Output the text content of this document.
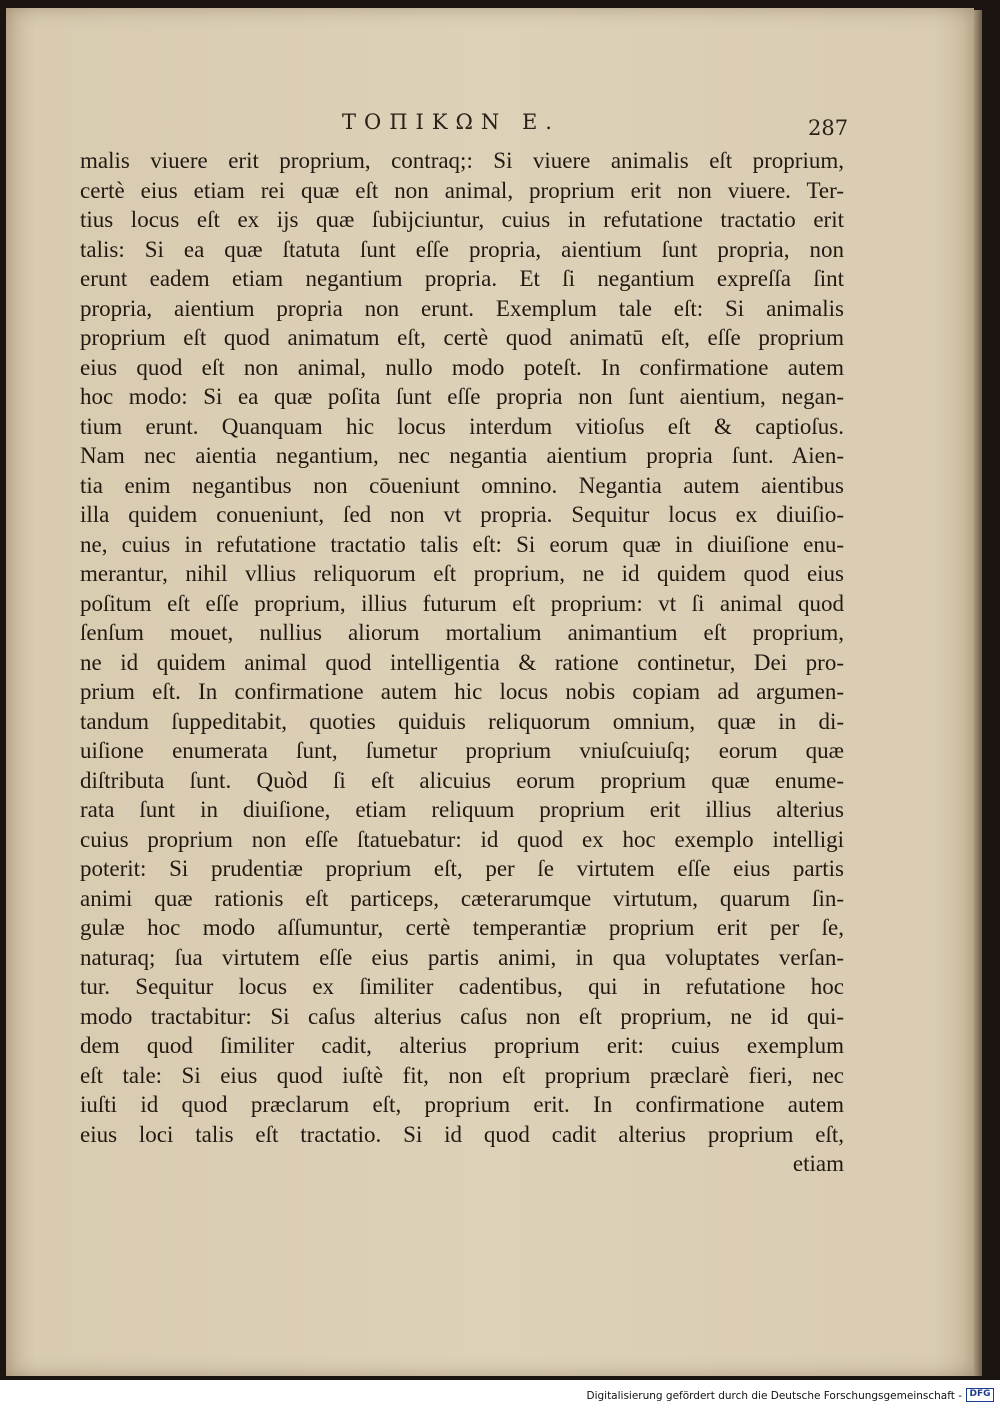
ΤΟΠΙΚΩΝ Ε.	287
malis viuere erit proprium, contraq;: Si viuere animalis eſt proprium,
certè eius etiam rei quæ eſt non animal, proprium erit non viuere. Ter-
tius locus eſt ex ijs quæ ſubijciuntur, cuius in refutatione tractatio erit
talis: Si ea quæ ſtatuta ſunt eſſe propria, aientium ſunt propria, non
erunt eadem etiam negantium propria. Et ſi negantium expreſſa ſint
propria, aientium propria non erunt. Exemplum tale eſt: Si animalis
proprium eſt quod animatum eſt, certè quod animatū eſt, eſſe proprium
eius quod eſt non animal, nullo modo poteſt. In confirmatione autem
hoc modo: Si ea quæ poſita ſunt eſſe propria non ſunt aientium, negan-
tium erunt. Quanquam hic locus interdum vitioſus eſt & captioſus.
Nam nec aientia negantium, nec negantia aientium propria ſunt. Aien-
tia enim negantibus non cōueniunt omnino. Negantia autem aientibus
illa quidem conueniunt, ſed non vt propria. Sequitur locus ex diuiſio-
ne, cuius in refutatione tractatio talis eſt: Si eorum quæ in diuiſione enu-
merantur, nihil vllius reliquorum eſt proprium, ne id quidem quod eius
poſitum eſt eſſe proprium, illius futurum eſt proprium: vt ſi animal quod
ſenſum mouet, nullius aliorum mortalium animantium eſt proprium,
ne id quidem animal quod intelligentia & ratione continetur, Dei pro-
prium eſt. In confirmatione autem hic locus nobis copiam ad argumen-
tandum ſuppeditabit, quoties quiduis reliquorum omnium, quæ in di-
uiſione enumerata ſunt, ſumetur proprium vniuſcuiuſq; eorum quæ
diſtributa ſunt. Quòd ſi eſt alicuius eorum proprium quæ enume-
rata ſunt in diuiſione, etiam reliquum proprium erit illius alterius
cuius proprium non eſſe ſtatuebatur: id quod ex hoc exemplo intelligi
poterit: Si prudentiæ proprium eſt, per ſe virtutem eſſe eius partis
animi quæ rationis eſt particeps, cæterarumque virtutum, quarum ſin-
gulæ hoc modo aſſumuntur, certè temperantiæ proprium erit per ſe,
naturaq; ſua virtutem eſſe eius partis animi, in qua voluptates verſan-
tur. Sequitur locus ex ſimiliter cadentibus, qui in refutatione hoc
modo tractabitur: Si caſus alterius caſus non eſt proprium, ne id qui-
dem quod ſimiliter cadit, alterius proprium erit: cuius exemplum
eſt tale: Si eius quod iuſtè fit, non eſt proprium præclarè fieri, nec
iuſti id quod præclarum eſt, proprium erit. In confirmatione autem
eius loci talis eſt tractatio. Si id quod cadit alterius proprium eſt,
etiam
Digitalisierung gefördert durch die Deutsche Forschungsgemeinschaft - DFG
